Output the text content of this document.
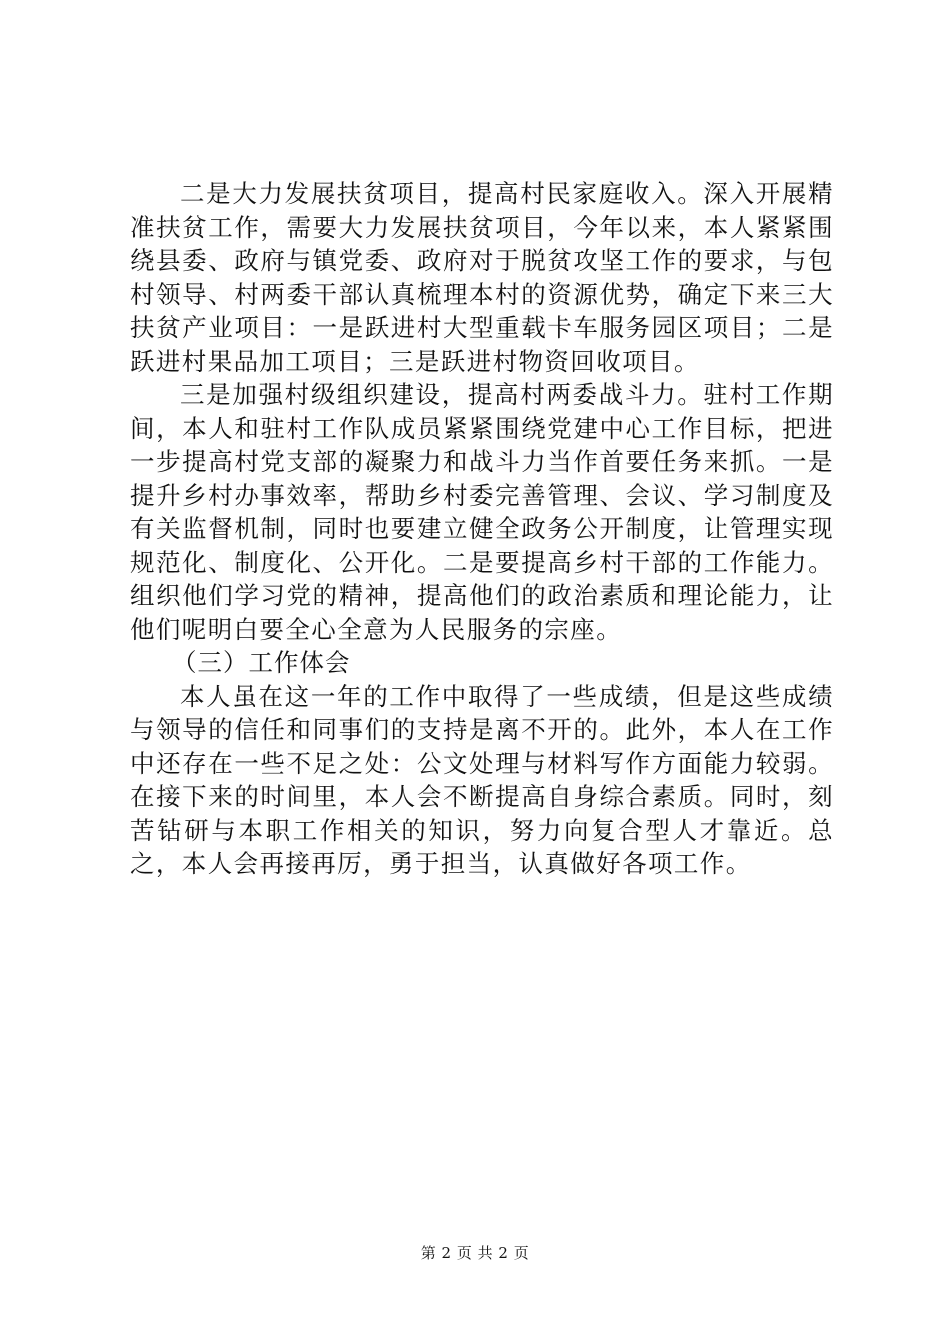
二是大力发展扶贫项目，提高村民家庭收入。深入开展精准扶贫工作，需要大力发展扶贫项目，今年以来，本人紧紧围绕县委、政府与镇党委、政府对于脱贫攻坚工作的要求，与包村领导、村两委干部认真梳理本村的资源优势，确定下来三大扶贫产业项目：一是跃进村大型重载卡车服务园区项目；二是跃进村果品加工项目；三是跃进村物资回收项目。

三是加强村级组织建设，提高村两委战斗力。驻村工作期间，本人和驻村工作队成员紧紧围绕党建中心工作目标，把进一步提高村党支部的凝聚力和战斗力当作首要任务来抓。一是提升乡村办事效率，帮助乡村委完善管理、会议、学习制度及有关监督机制，同时也要建立健全政务公开制度，让管理实现规范化、制度化、公开化。二是要提高乡村干部的工作能力。组织他们学习党的精神，提高他们的政治素质和理论能力，让他们呢明白要全心全意为人民服务的宗座。

（三）工作体会

本人虽在这一年的工作中取得了一些成绩，但是这些成绩与领导的信任和同事们的支持是离不开的。此外，本人在工作中还存在一些不足之处：公文处理与材料写作方面能力较弱。在接下来的时间里，本人会不断提高自身综合素质。同时，刻苦钻研与本职工作相关的知识，努力向复合型人才靠近。总之，本人会再接再厉，勇于担当，认真做好各项工作。

第 2 页 共 2 页
